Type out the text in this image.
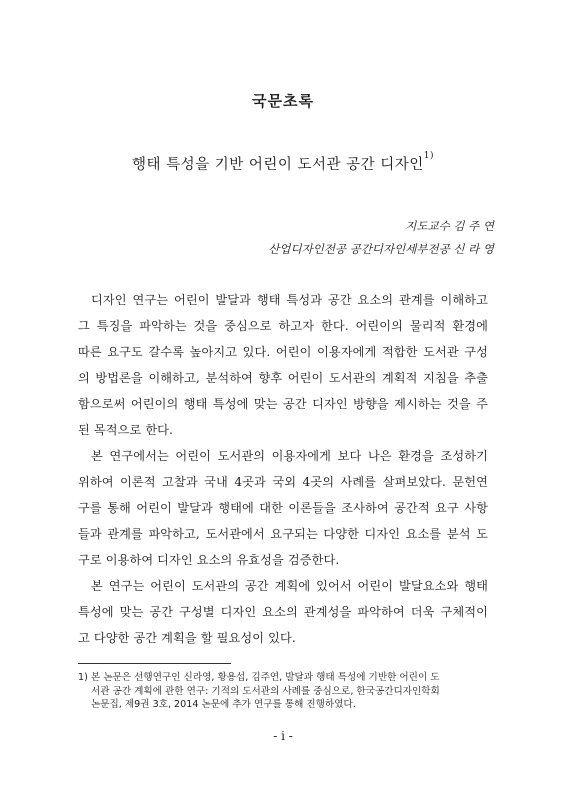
국문초록
행태 특성을 기반 어린이 도서관 공간 디자인$^{1)}$

지도교수 김 주 연

산업디자인전공 공간디자인세부전공 신 라 영

디자인 연구는 어린이 발달과 행태 특성과 공간 요소의 관계를 이해하고

그 특징을 파악하는 것을 중심으로 하고자 한다. 어린이의 물리적 환경에

따른 요구도 갈수록 높아지고 있다. 어린이 이용자에게 적합한 도서관 구성

의 방법론을 이해하고, 분석하여 향후 어린이 도서관의 계획적 지침을 추출

함으로써 어린이의 행태 특성에 맞는 공간 디자인 방향을 제시하는 것을 주

된 목적으로 한다.

본 연구에서는 어린이 도서관의 이용자에게 보다 나은 환경을 조성하기

위하여 이론적 고찰과 국내 4곳과 국외 4곳의 사례를 살펴보았다. 문헌연

구를 통해 어린이 발달과 행태에 대한 이론들을 조사하여 공간적 요구 사항

들과 관계를 파악하고, 도서관에서 요구되는 다양한 디자인 요소를 분석 도

구로 이용하여 디자인 요소의 유효성을 검증한다.

본 연구는 어린이 도서관의 공간 계획에 있어서 어린이 발달요소와 행태

특성에 맞는 공간 구성별 디자인 요소의 관계성을 파악하여 더욱 구체적이

고 다양한 공간 계획을 할 필요성이 있다.

1) 본 논문은 선행연구인 신라영, 황용섭, 김주연, 발달과 행태 특성에 기반한 어린이 도

서관 공간 계획에 관한 연구: 기적의 도서관의 사례를 중심으로, 한국공간디자인학회

논문집, 제9권 3호, 2014 논문에 추가 연구를 통해 진행하였다.

- i -
